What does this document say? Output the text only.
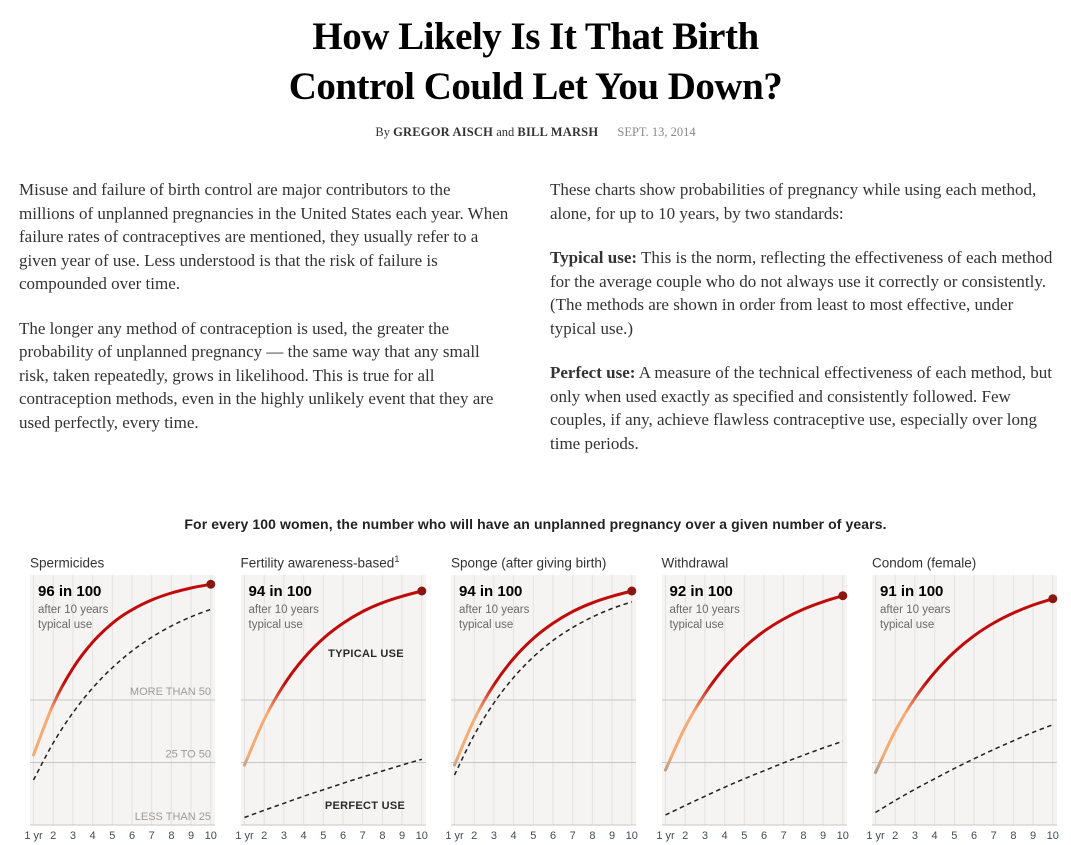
How Likely Is It That Birth
Control Could Let You Down?
By GREGOR AISCH and BILL MARSH SEPT. 13, 2014

Misuse and failure of birth control are major contributors to the millions of unplanned pregnancies in the United States each year. When failure rates of contraceptives are mentioned, they usually refer to a given year of use. Less understood is that the risk of failure is compounded over time.

The longer any method of contraception is used, the greater the probability of unplanned pregnancy — the same way that any small risk, taken repeatedly, grows in likelihood. This is true for all contraception methods, even in the highly unlikely event that they are used perfectly, every time.

These charts show probabilities of pregnancy while using each method, alone, for up to 10 years, by two standards:

Typical use: This is the norm, reflecting the effectiveness of each method for the average couple who do not always use it correctly or consistently. (The methods are shown in order from least to most effective, under typical use.)

Perfect use: A measure of the technical effectiveness of each method, but only when used exactly as specified and consistently followed. Few couples, if any, achieve flawless contraceptive use, especially over long time periods.

For every 100 women, the number who will have an unplanned pregnancy over a given number of years.
Spermicides
MORE THAN 50
25 TO 50
LESS THAN 25
1 yr 2 3 4 5 6 7 8 9 10
96 in 100
after 10 years
typical use
Fertility awareness-based$^1$
TYPICAL USE
PERFECT USE
1 yr 2 3 4 5 6 7 8 9 10
94 in 100
after 10 years
typical use
Sponge (after giving birth)
1 yr 2 3 4 5 6 7 8 9 10
94 in 100
after 10 years
typical use
Withdrawal
1 yr 2 3 4 5 6 7 8 9 10
92 in 100
after 10 years
typical use
Condom (female)
1 yr 2 3 4 5 6 7 8 9 10
91 in 100
after 10 years
typical use
